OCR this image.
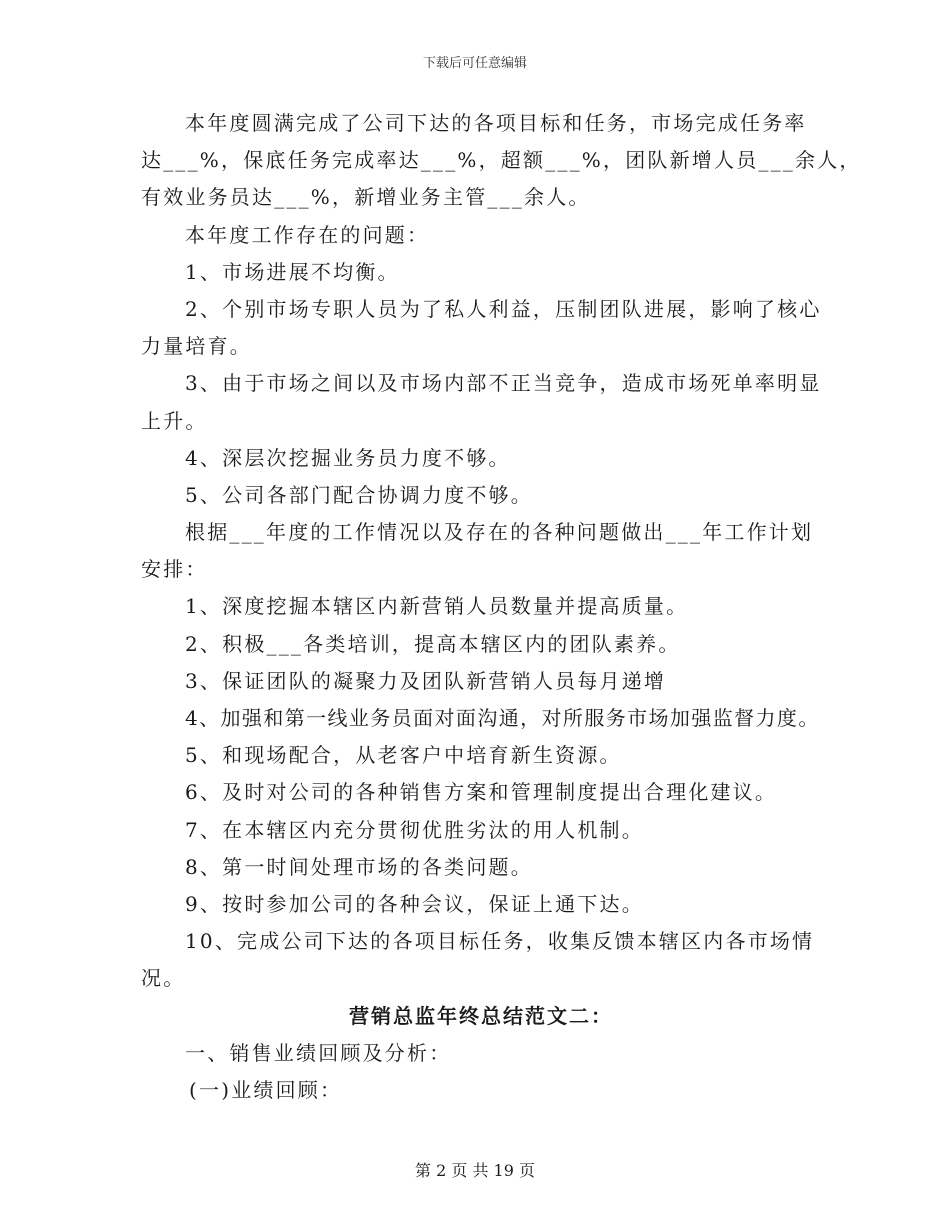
下载后可任意编辑
本年度圆满完成了公司下达的各项目标和任务，市场完成任务率
达___%，保底任务完成率达___%，超额___%，团队新增人员___余人，
有效业务员达___%，新增业务主管___余人。
本年度工作存在的问题：
1、市场进展不均衡。
2、个别市场专职人员为了私人利益，压制团队进展，影响了核心
力量培育。
3、由于市场之间以及市场内部不正当竞争，造成市场死单率明显
上升。
4、深层次挖掘业务员力度不够。
5、公司各部门配合协调力度不够。
根据___年度的工作情况以及存在的各种问题做出___年工作计划
安排：
1、深度挖掘本辖区内新营销人员数量并提高质量。
2、积极___各类培训，提高本辖区内的团队素养。
3、保证团队的凝聚力及团队新营销人员每月递增
4、加强和第一线业务员面对面沟通，对所服务市场加强监督力度。
5、和现场配合，从老客户中培育新生资源。
6、及时对公司的各种销售方案和管理制度提出合理化建议。
7、在本辖区内充分贯彻优胜劣汰的用人机制。
8、第一时间处理市场的各类问题。
9、按时参加公司的各种会议，保证上通下达。
10、完成公司下达的各项目标任务，收集反馈本辖区内各市场情
况。
营销总监年终总结范文二：
一、销售业绩回顾及分析：
(一)业绩回顾：
第 2 页 共 19 页
